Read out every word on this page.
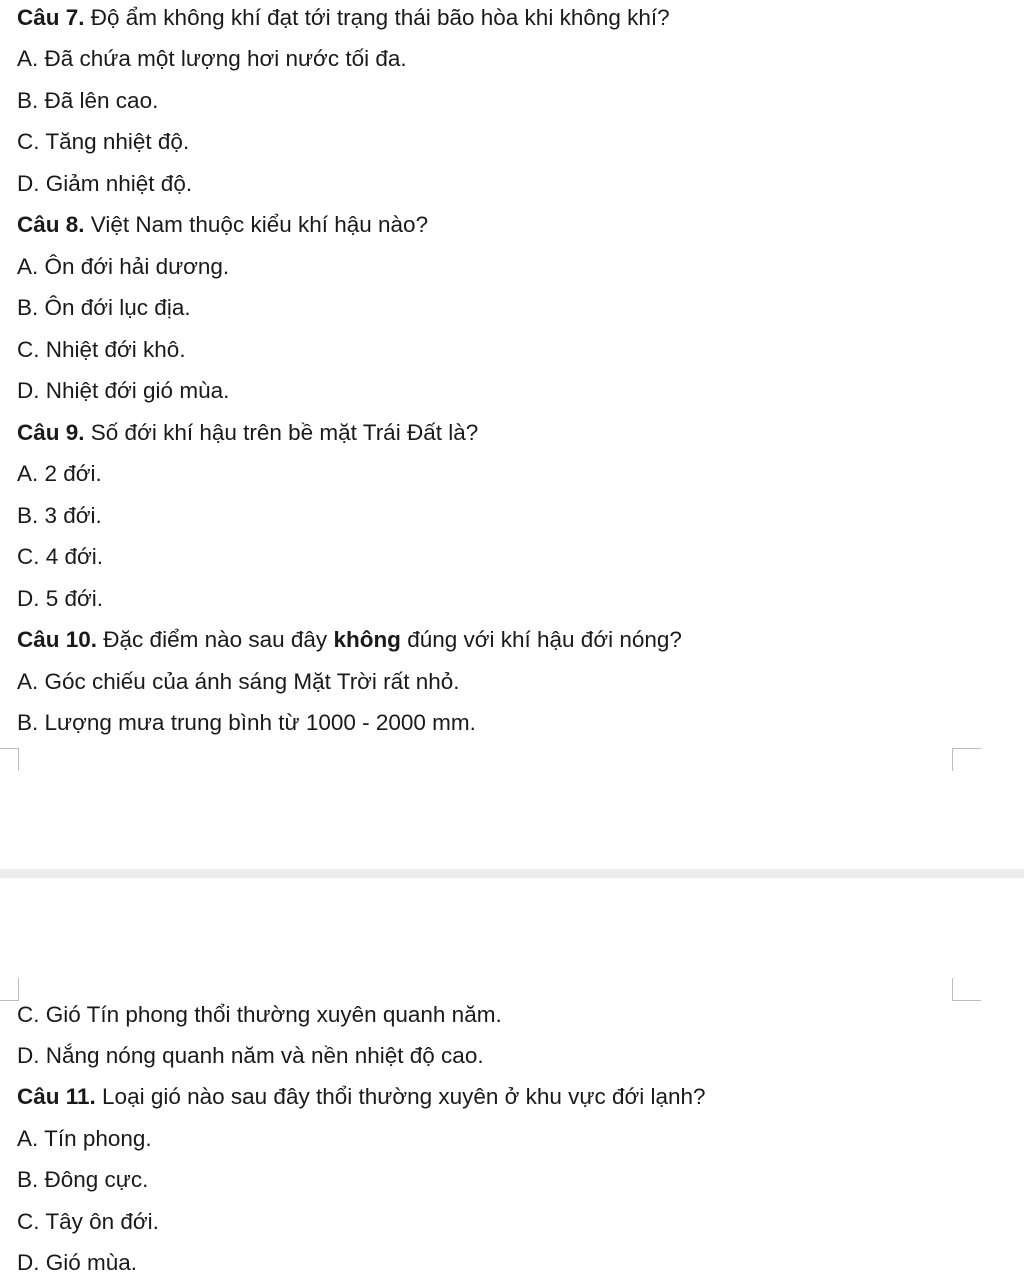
Câu 7. Độ ẩm không khí đạt tới trạng thái bão hòa khi không khí?
A. Đã chứa một lượng hơi nước tối đa.
B. Đã lên cao.
C. Tăng nhiệt độ.
D. Giảm nhiệt độ.
Câu 8. Việt Nam thuộc kiểu khí hậu nào?
A. Ôn đới hải dương.
B. Ôn đới lục địa.
C. Nhiệt đới khô.
D. Nhiệt đới gió mùa.
Câu 9. Số đới khí hậu trên bề mặt Trái Đất là?
A. 2 đới.
B. 3 đới.
C. 4 đới.
D. 5 đới.
Câu 10. Đặc điểm nào sau đây không đúng với khí hậu đới nóng?
A. Góc chiếu của ánh sáng Mặt Trời rất nhỏ.
B. Lượng mưa trung bình từ 1000 - 2000 mm.
C. Gió Tín phong thổi thường xuyên quanh năm.
D. Nắng nóng quanh năm và nền nhiệt độ cao.
Câu 11. Loại gió nào sau đây thổi thường xuyên ở khu vực đới lạnh?
A. Tín phong.
B. Đông cực.
C. Tây ôn đới.
D. Gió mùa.
